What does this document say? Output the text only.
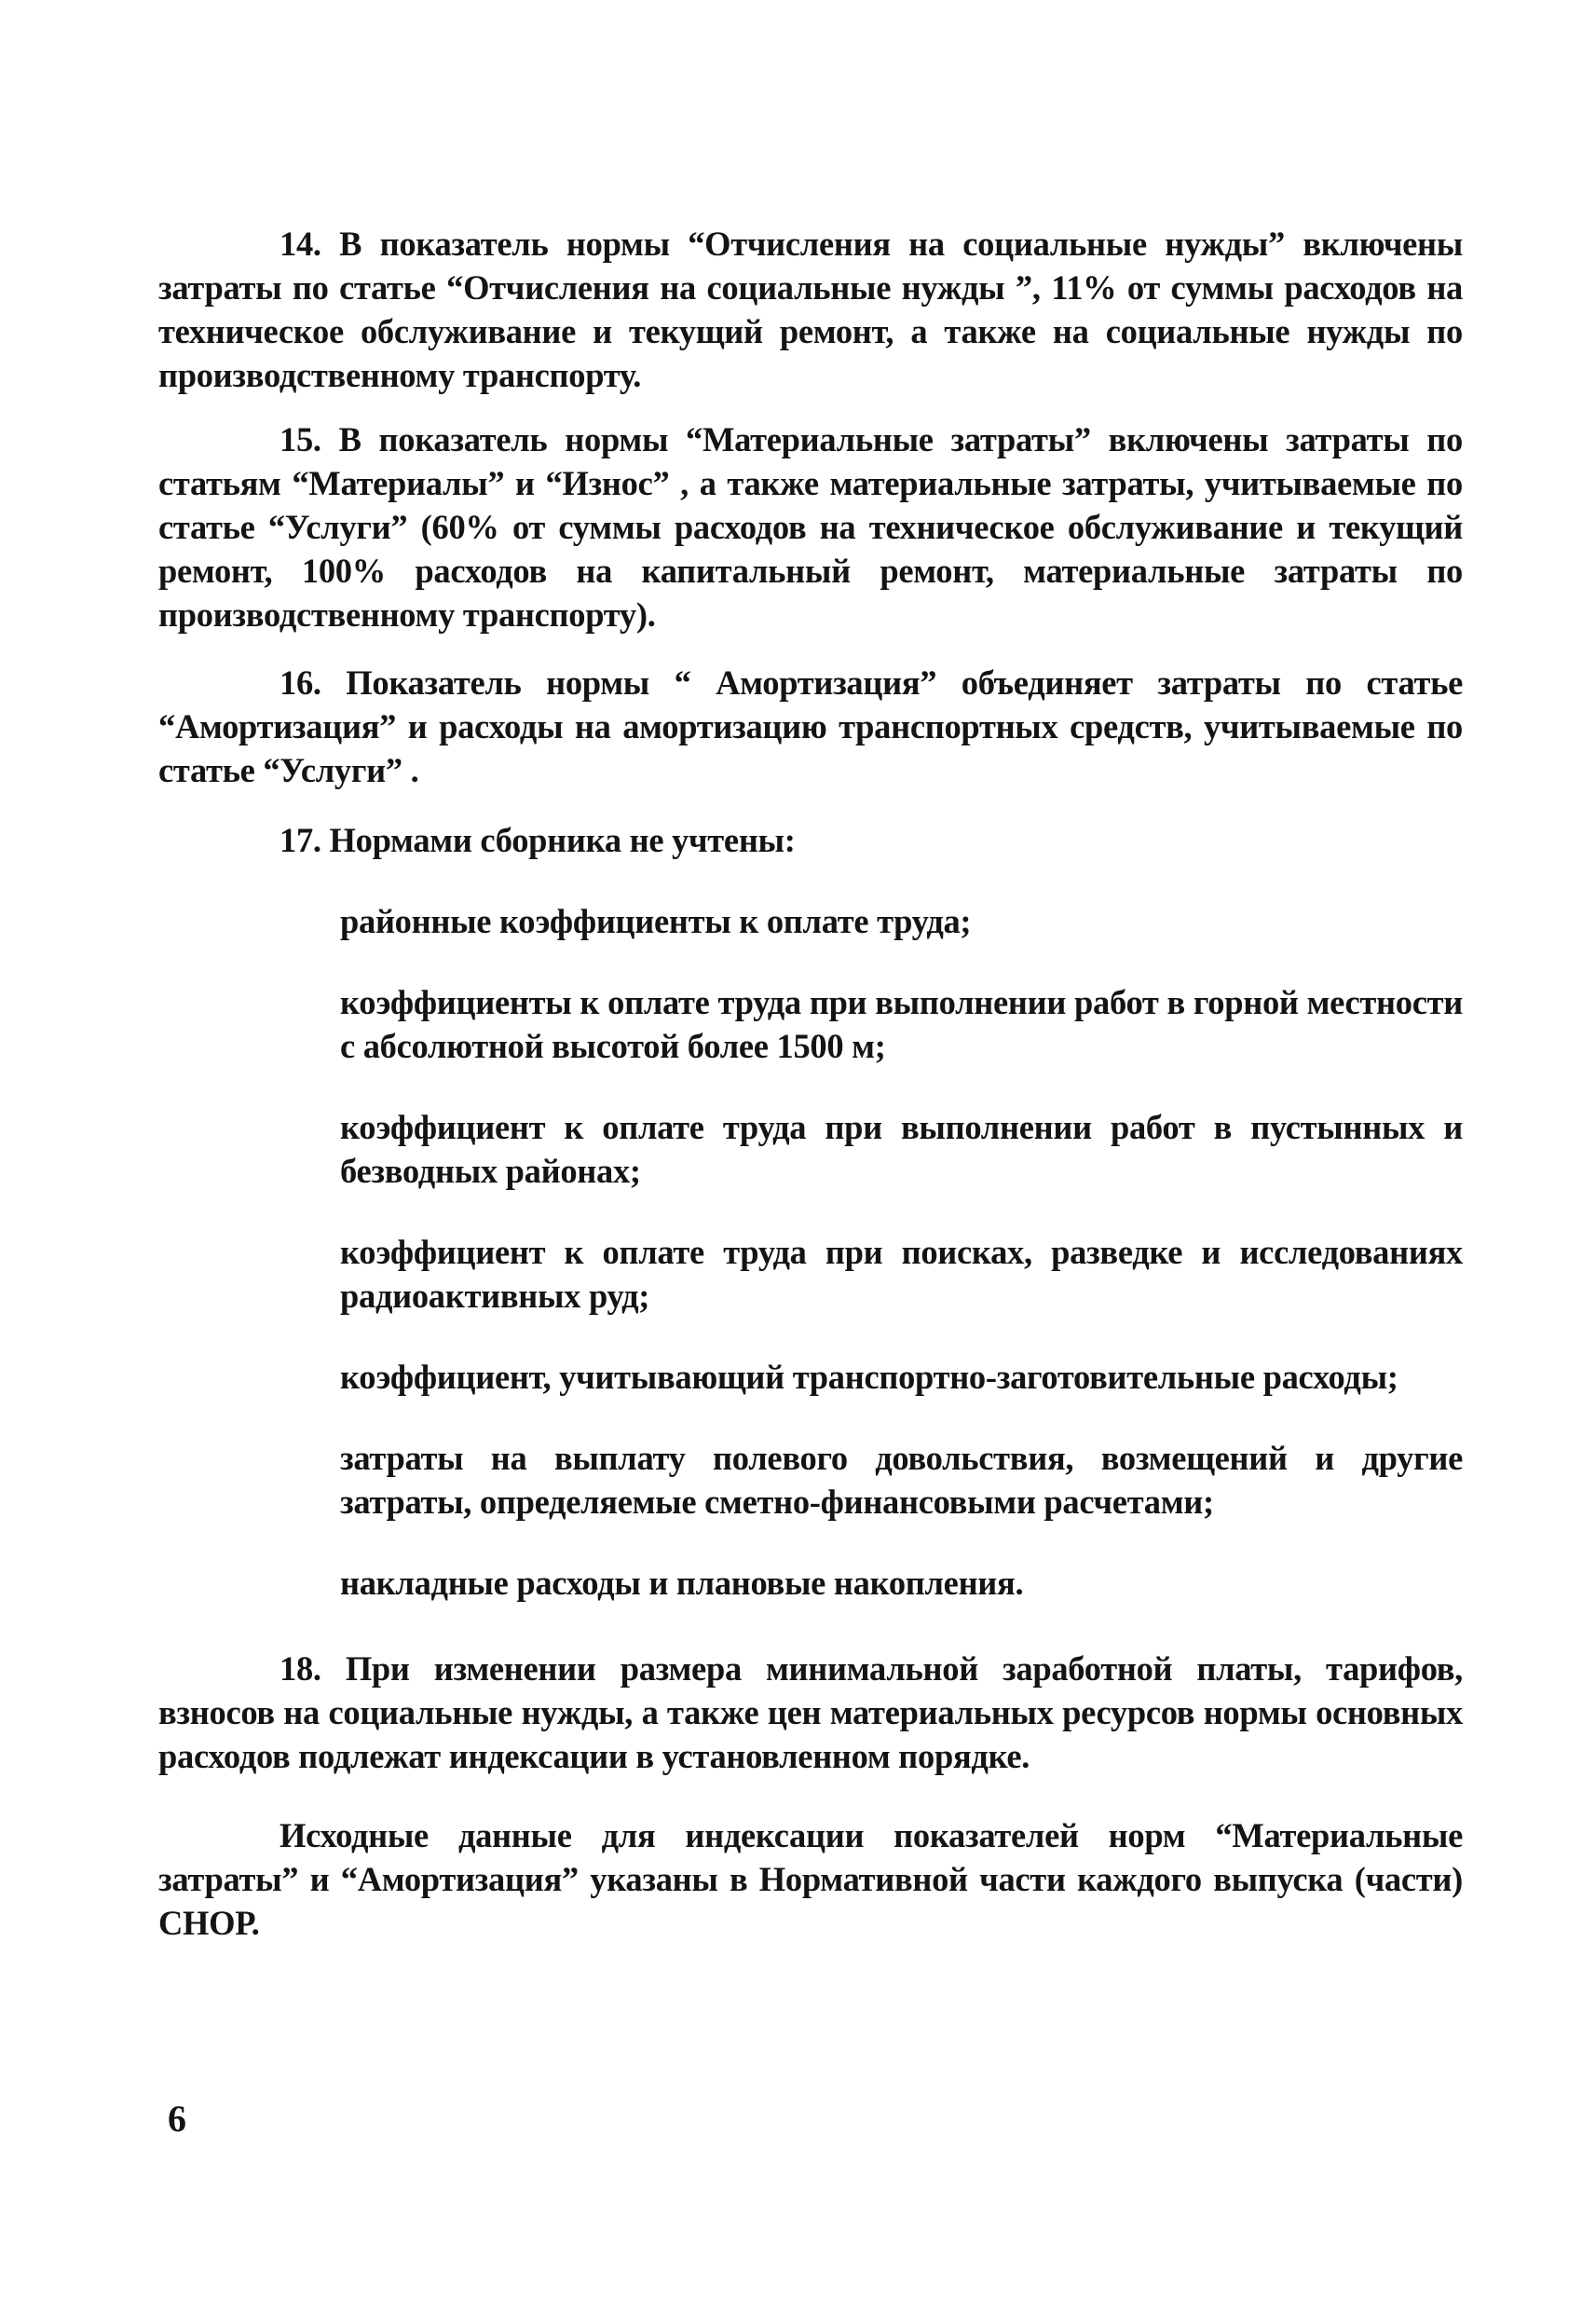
14. В показатель нормы “Отчисления на социальные нужды” включены затраты по статье “Отчисления на социальные нужды ”, 11% от суммы расходов на техническое обслуживание и текущий ремонт, а также на социальные нужды по производственному транспорту.

15. В показатель нормы “Материальные затраты” включены затраты по статьям “Материалы” и “Износ” , а также материальные затраты, учитываемые по статье “Услуги” (60% от суммы расходов на техническое обслуживание и текущий ремонт, 100% расходов на капитальный ремонт, материальные затраты по производственному транспорту).

16. Показатель нормы “ Амортизация” объединяет затраты по статье “Амортизация” и расходы на амортизацию транспортных средств, учитываемые по статье “Услуги” .

17. Нормами сборника не учтены:

районные коэффициенты к оплате труда;
коэффициенты к оплате труда при выполнении работ в горной местности с абсолютной высотой более 1500 м;
коэффициент к оплате труда при выполнении работ в пустынных и безводных районах;
коэффициент к оплате труда при поисках, разведке и исследованиях радиоактивных руд;
коэффициент, учитывающий транспортно-заготовительные расходы;
затраты на выплату полевого довольствия, возмещений и другие затраты, определяемые сметно-финансовыми расчетами;
накладные расходы и плановые накопления.

18. При изменении размера минимальной заработной платы, тарифов, взносов на социальные нужды, а также цен материальных ресурсов нормы основных расходов подлежат индексации в установленном порядке.

Исходные данные для индексации показателей норм “Материальные затраты” и “Амортизация” указаны в Нормативной части каждого выпуска (части) СНОР.

6
